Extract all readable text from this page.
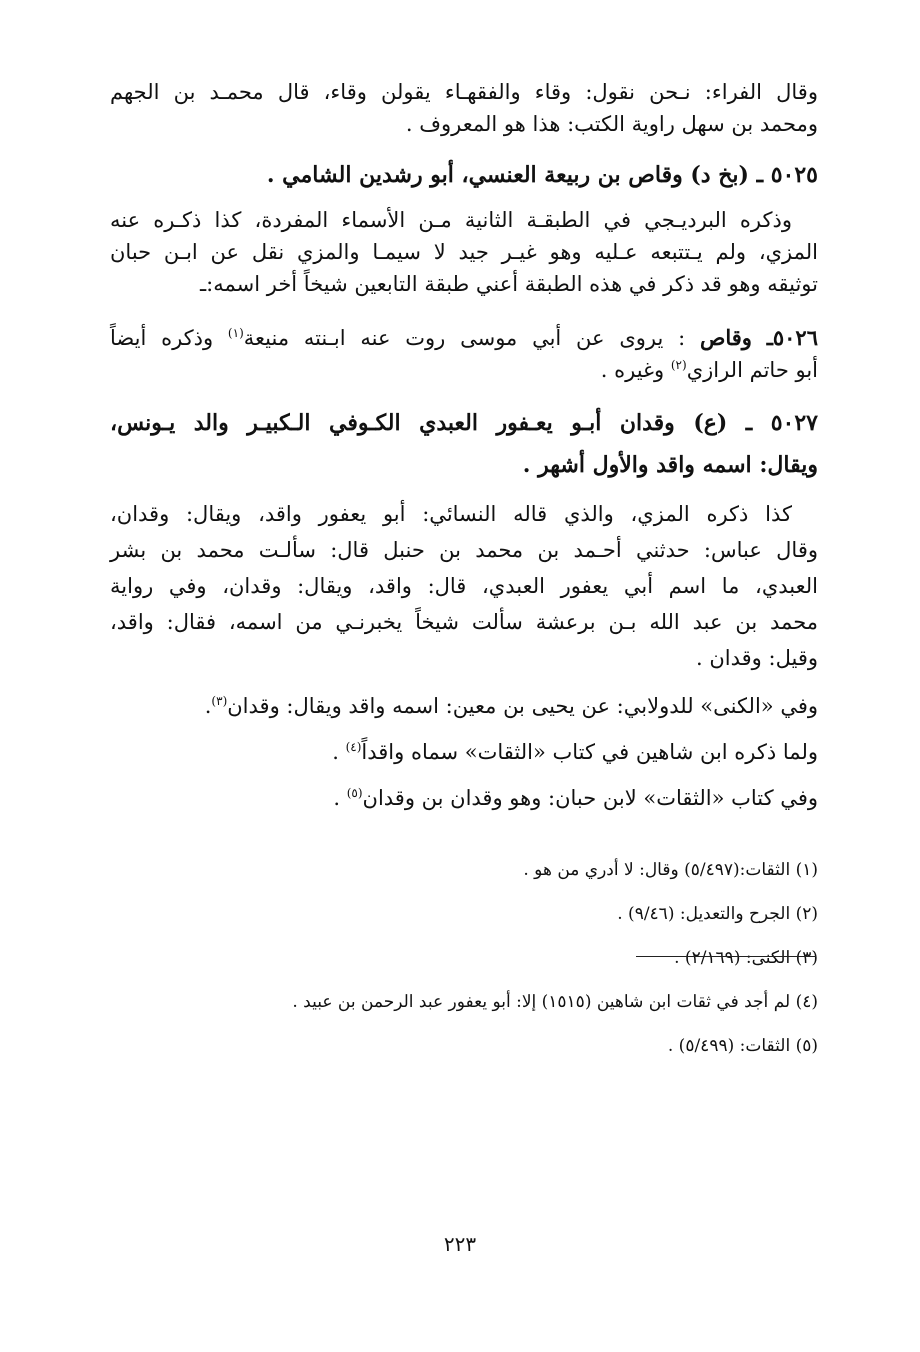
وقال الفراء: نـحن نقول: وقاء والفقهـاء يقولن وقاء، قال محمـد بن الجهم
ومحمد بن سهل راوية الكتب: هذا هو المعروف .
٥٠٢٥ ـ (بخ د) وقاص بن ربيعة العنسي، أبو رشدين الشامي .
وذكره البرديـجي في الطبقـة الثانية مـن الأسماء المفردة، كذا ذكـره عنه
المزي، ولم يـتتبعه عـليه وهو غيـر جيد لا سيمـا والمزي نقل عن ابـن حبان
توثيقه وهو قد ذكر في هذه الطبقة أعني طبقة التابعين شيخاً أخر اسمه:ـ
٥٠٢٦ـ وقاص : يروى عن أبي موسى روت عنه ابـنته منيعة$^{(١)}$ وذكره أيضاً
أبو حاتم الرازي$^{(٢)}$ وغيره .
٥٠٢٧ ـ (ع) وقدان أبـو يعـفور العبدي الكـوفي الـكبيـر والد يـونس،
ويقال: اسمه واقد والأول أشهر .
كذا ذكره المزي، والذي قاله النسائي: أبو يعفور واقد، ويقال: وقدان،
وقال عباس: حدثني أحـمد بن محمد بن حنبل قال: سألـت محمد بن بشر
العبدي، ما اسم أبي يعفور العبدي، قال: واقد، ويقال: وقدان، وفي رواية
محمد بن عبد الله بـن برعشة سألت شيخاً يخبرنـي من اسمه، فقال: واقد،
وقيل: وقدان .
وفي «الكنى» للدولابي: عن يحيى بن معين: اسمه واقد ويقال: وقدان$^{(٣)}$.
ولما ذكره ابن شاهين في كتاب «الثقات» سماه واقداً$^{(٤)}$ .
وفي كتاب «الثقات» لابن حبان: وهو وقدان بن وقدان$^{(٥)}$ .
(١) الثقات:(٥/٤٩٧) وقال: لا أدري من هو .
(٢) الجرح والتعديل: (٩/٤٦) .
(٣) الكنى: (٢/١٦٩) .
(٤) لم أجد في ثقات ابن شاهين (١٥١٥) إلا: أبو يعفور عبد الرحمن بن عبيد .
(٥) الثقات: (٥/٤٩٩) .
٢٢٣
